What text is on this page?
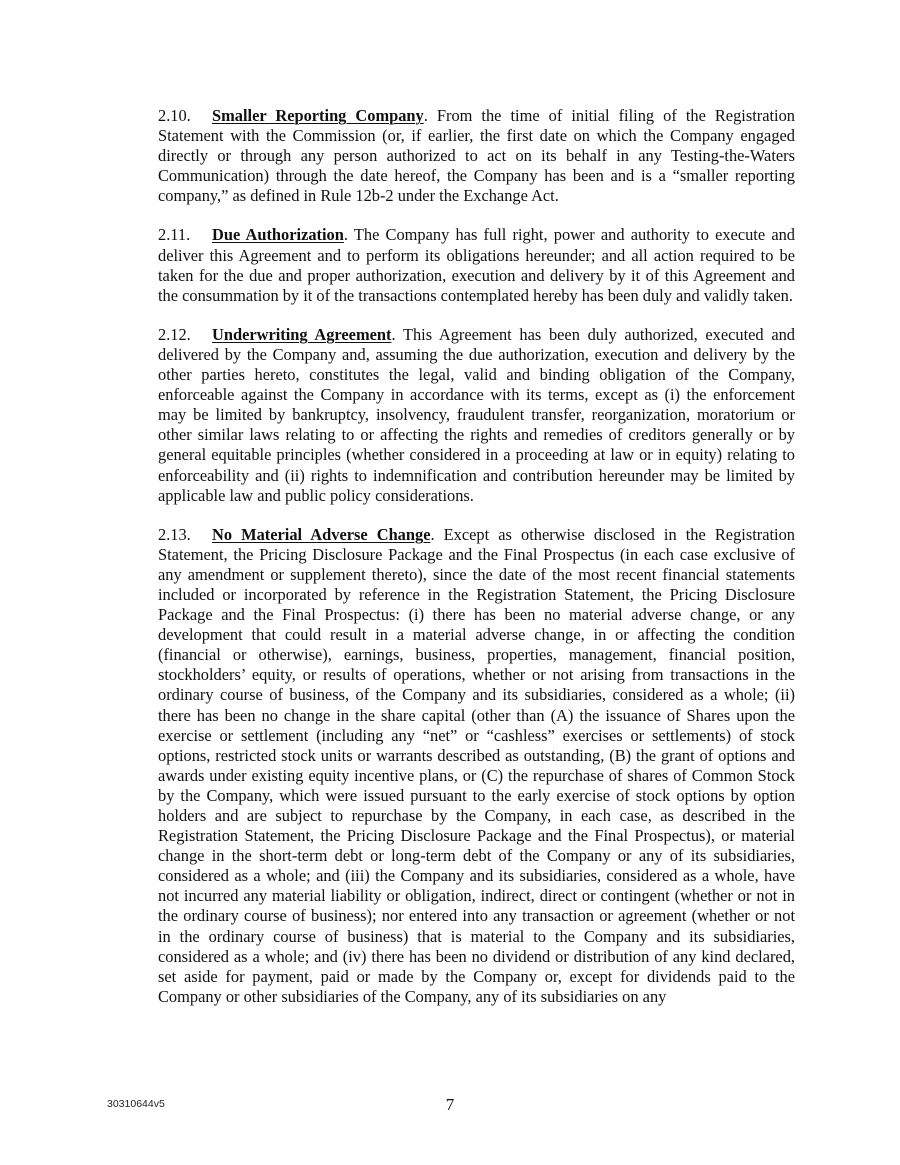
2.10. Smaller Reporting Company. From the time of initial filing of the Registration Statement with the Commission (or, if earlier, the first date on which the Company engaged directly or through any person authorized to act on its behalf in any Testing-the-Waters Communication) through the date hereof, the Company has been and is a “smaller reporting company,” as defined in Rule 12b-2 under the Exchange Act.

2.11. Due Authorization. The Company has full right, power and authority to execute and deliver this Agreement and to perform its obligations hereunder; and all action required to be taken for the due and proper authorization, execution and delivery by it of this Agreement and the consummation by it of the transactions contemplated hereby has been duly and validly taken.

2.12. Underwriting Agreement. This Agreement has been duly authorized, executed and delivered by the Company and, assuming the due authorization, execution and delivery by the other parties hereto, constitutes the legal, valid and binding obligation of the Company, enforceable against the Company in accordance with its terms, except as (i) the enforcement may be limited by bankruptcy, insolvency, fraudulent transfer, reorganization, moratorium or other similar laws relating to or affecting the rights and remedies of creditors generally or by general equitable principles (whether considered in a proceeding at law or in equity) relating to enforceability and (ii) rights to indemnification and contribution hereunder may be limited by applicable law and public policy considerations.

2.13. No Material Adverse Change. Except as otherwise disclosed in the Registration Statement, the Pricing Disclosure Package and the Final Prospectus (in each case exclusive of any amendment or supplement thereto), since the date of the most recent financial statements included or incorporated by reference in the Registration Statement, the Pricing Disclosure Package and the Final Prospectus: (i) there has been no material adverse change, or any development that could result in a material adverse change, in or affecting the condition (financial or otherwise), earnings, business, properties, management, financial position, stockholders’ equity, or results of operations, whether or not arising from transactions in the ordinary course of business, of the Company and its subsidiaries, considered as a whole; (ii) there has been no change in the share capital (other than (A) the issuance of Shares upon the exercise or settlement (including any “net” or “cashless” exercises or settlements) of stock options, restricted stock units or warrants described as outstanding, (B) the grant of options and awards under existing equity incentive plans, or (C) the repurchase of shares of Common Stock by the Company, which were issued pursuant to the early exercise of stock options by option holders and are subject to repurchase by the Company, in each case, as described in the Registration Statement, the Pricing Disclosure Package and the Final Prospectus), or material change in the short-term debt or long-term debt of the Company or any of its subsidiaries, considered as a whole; and (iii) the Company and its subsidiaries, considered as a whole, have not incurred any material liability or obligation, indirect, direct or contingent (whether or not in the ordinary course of business); nor entered into any transaction or agreement (whether or not in the ordinary course of business) that is material to the Company and its subsidiaries, considered as a whole; and (iv) there has been no dividend or distribution of any kind declared, set aside for payment, paid or made by the Company or, except for dividends paid to the Company or other subsidiaries of the Company, any of its subsidiaries on any

30310644v5	7
